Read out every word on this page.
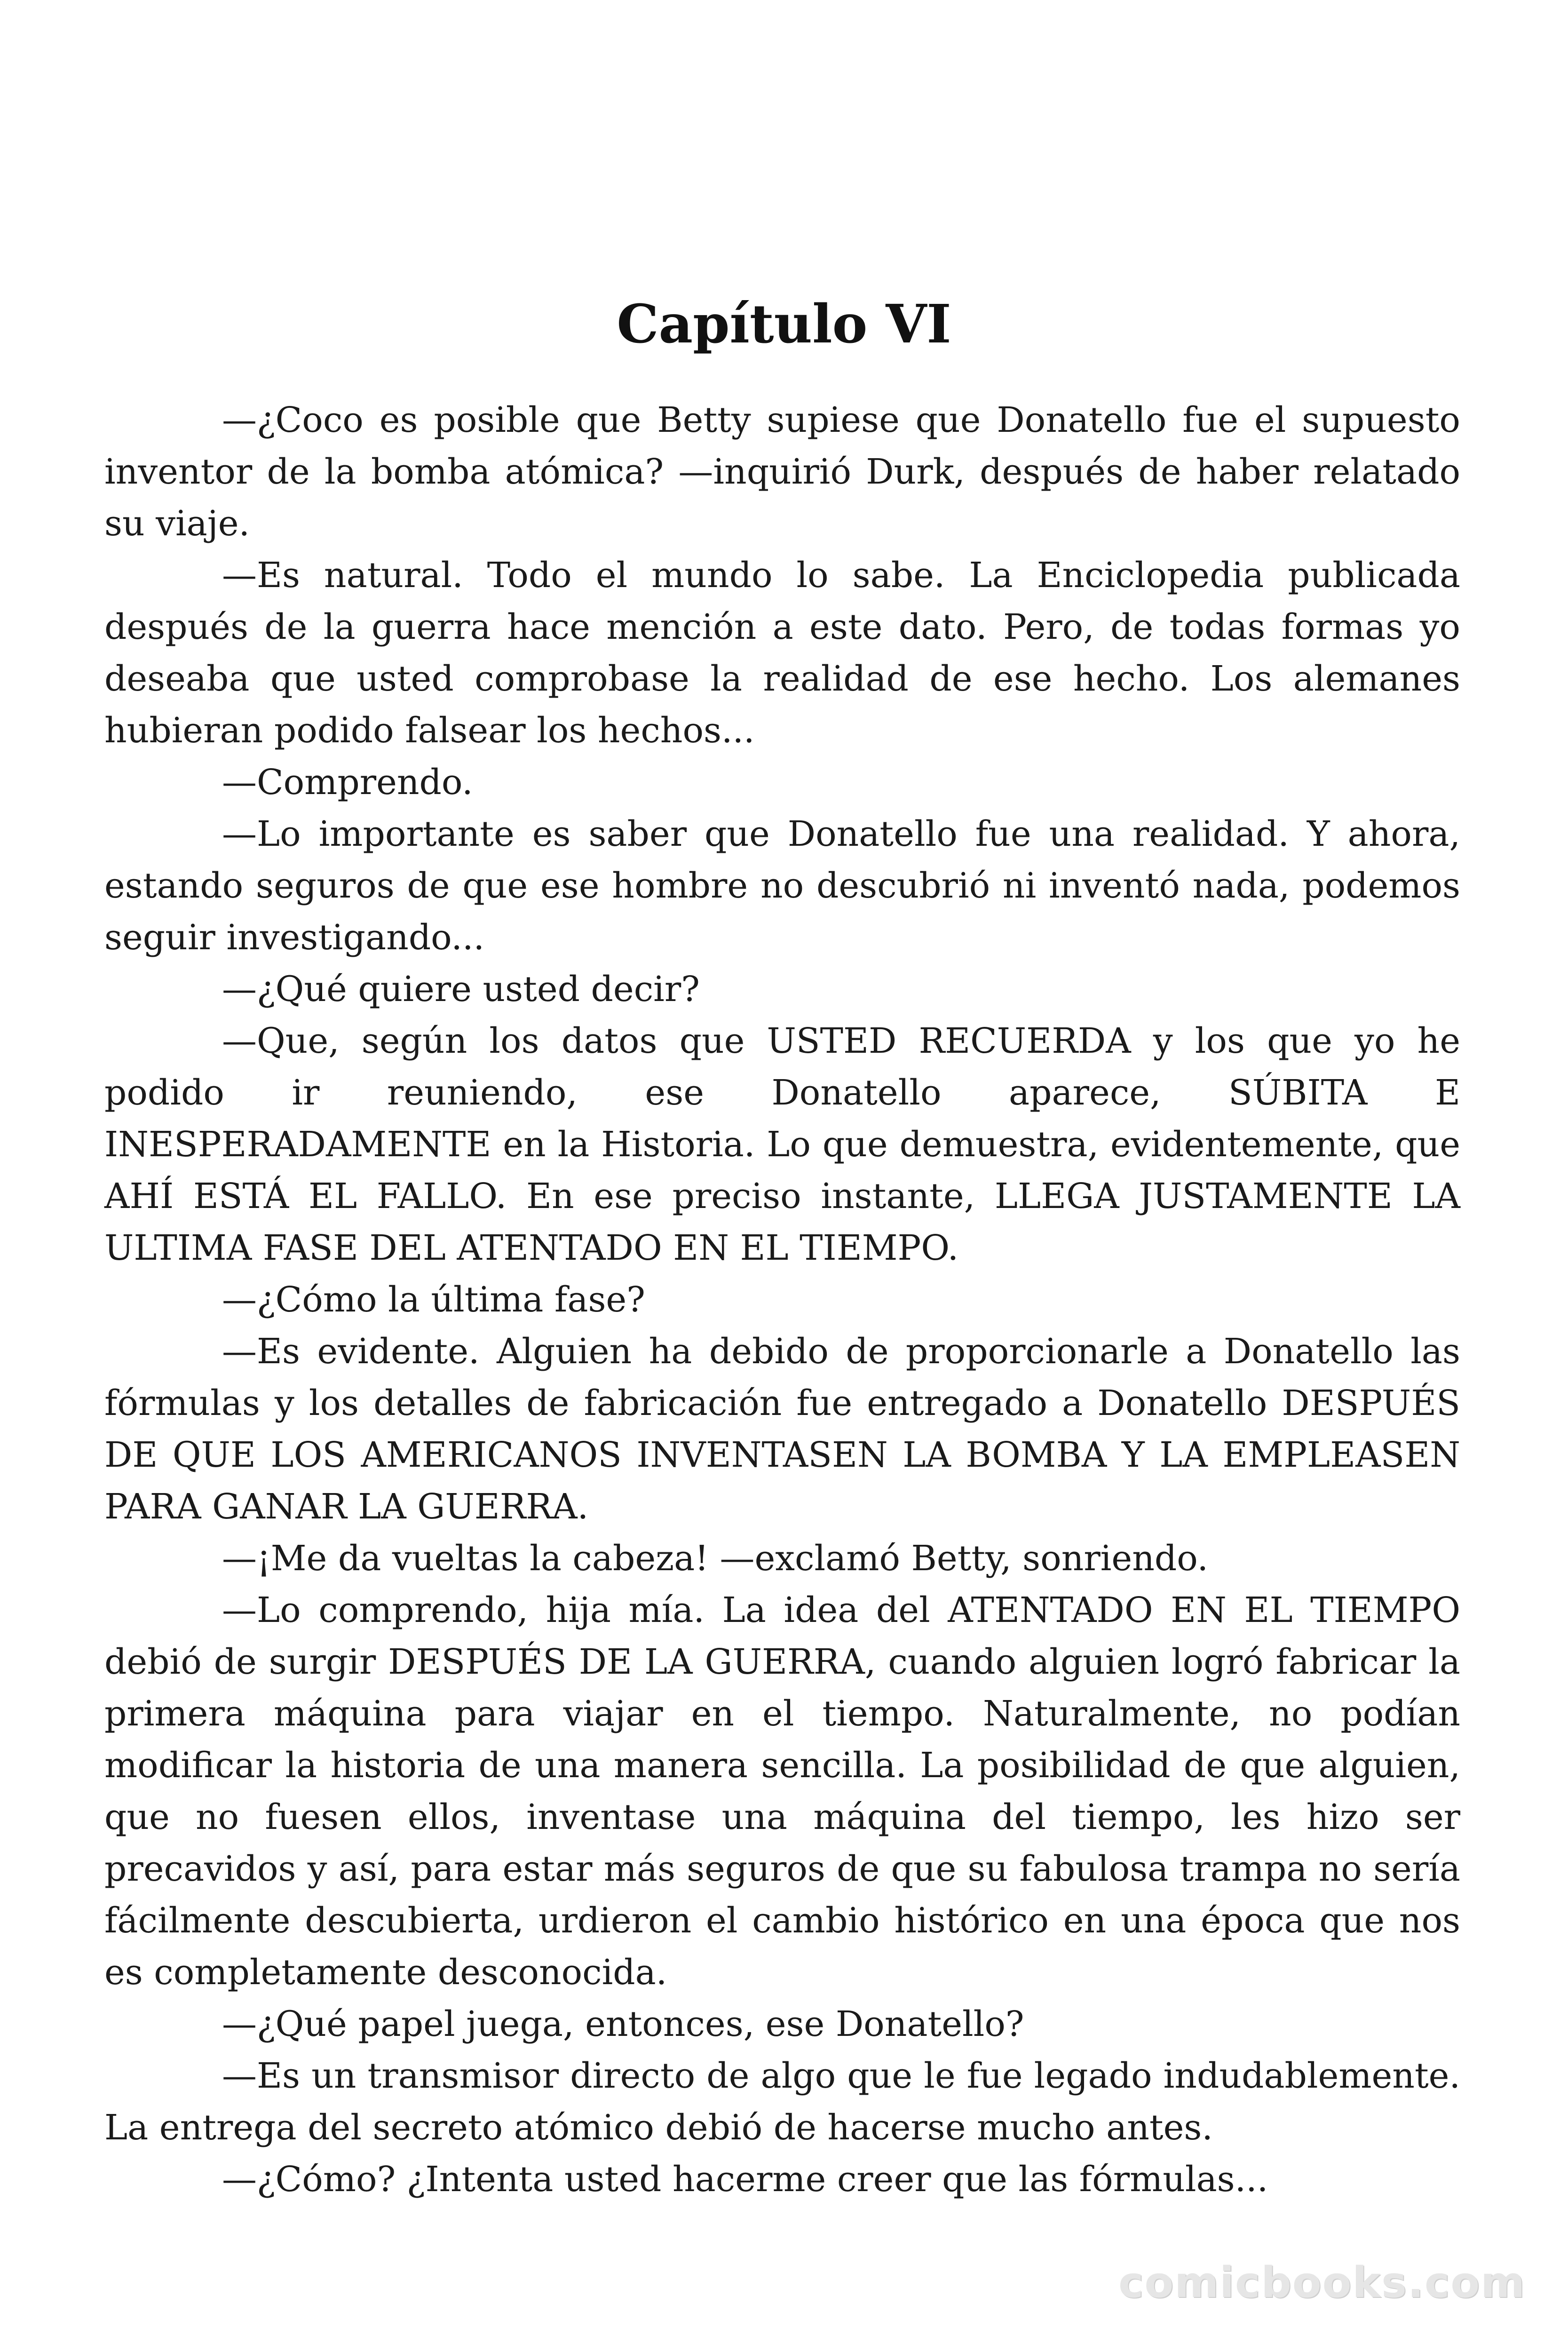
Capítulo VI

—¿Coco es posible que Betty supiese que Donatello fue el supuesto inventor de la bomba atómica? —inquirió Durk, después de haber relatado su viaje.

—Es natural. Todo el mundo lo sabe. La Enciclopedia publicada después de la guerra hace mención a este dato. Pero, de todas formas yo deseaba que usted comprobase la realidad de ese hecho. Los alemanes hubieran podido falsear los hechos...

—Comprendo.

—Lo importante es saber que Donatello fue una realidad. Y ahora, estando seguros de que ese hombre no descubrió ni inventó nada, podemos seguir investigando...

—¿Qué quiere usted decir?

—Que, según los datos que USTED RECUERDA y los que yo he podido ir reuniendo, ese Donatello aparece, SÚBITA E INESPERADAMENTE en la Historia. Lo que demuestra, evidentemente, que AHÍ ESTÁ EL FALLO. En ese preciso instante, LLEGA JUSTAMENTE LA ULTIMA FASE DEL ATENTADO EN EL TIEMPO.

—¿Cómo la última fase?

—Es evidente. Alguien ha debido de proporcionarle a Donatello las fórmulas y los detalles de fabricación fue entregado a Donatello DESPUÉS DE QUE LOS AMERICANOS INVENTASEN LA BOMBA Y LA EMPLEASEN PARA GANAR LA GUERRA.

—¡Me da vueltas la cabeza! —exclamó Betty, sonriendo.

—Lo comprendo, hija mía. La idea del ATENTADO EN EL TIEMPO debió de surgir DESPUÉS DE LA GUERRA, cuando alguien logró fabricar la primera máquina para viajar en el tiempo. Naturalmente, no podían modificar la historia de una manera sencilla. La posibilidad de que alguien, que no fuesen ellos, inventase una máquina del tiempo, les hizo ser precavidos y así, para estar más seguros de que su fabulosa trampa no sería fácilmente descubierta, urdieron el cambio histórico en una época que nos es completamente desconocida.

—¿Qué papel juega, entonces, ese Donatello?

—Es un transmisor directo de algo que le fue legado indudablemente. La entrega del secreto atómico debió de hacerse mucho antes.

—¿Cómo? ¿Intenta usted hacerme creer que las fórmulas...

comicbooks.com
